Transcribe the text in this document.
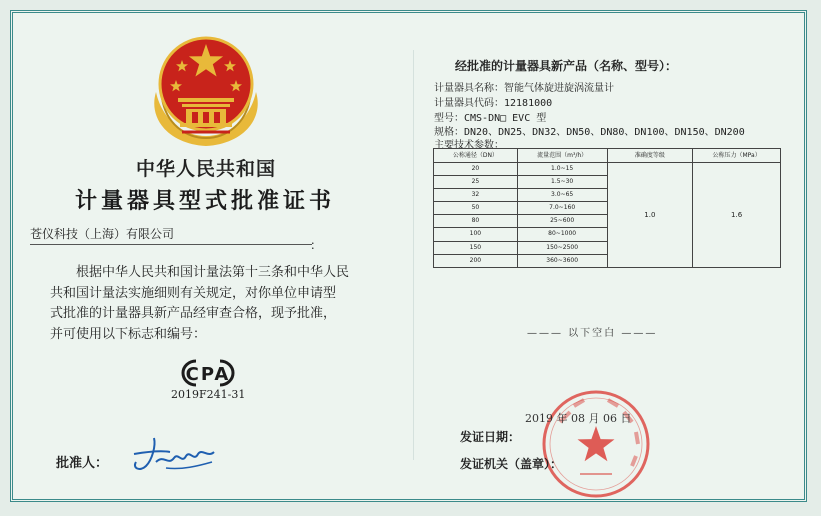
中华人民共和国
计量器具型式批准证书
苍仪科技（上海）有限公司
：
根据中华人民共和国计量法第十三条和中华人民
共和国计量法实施细则有关规定，对你单位申请型
式批准的计量器具新产品经审查合格，现予批准，
并可使用以下标志和编号：
CPA
2019F241-31
批准人：
经批准的计量器具新产品（名称、型号）：
计量器具名称：智能气体旋进旋涡流量计
计量器具代码：12181000
型号：CMS-DN□ EVC 型
规格：DN20、DN25、DN32、DN50、DN80、DN100、DN150、DN200
主要技术参数：
公称通径（DN）	流量范围（m³/h）	准确度等级	公称压力（MPa）
20	1.0~15	1.0	1.6
25	1.5~30		
32	3.0~65		
50	7.0~160		
80	25~600		
100	80~1000		
150	150~2500		
200	360~3600		
——— 以下空白 ———
2019 年 08 月 06 日
发证日期：
发证机关（盖章）：
